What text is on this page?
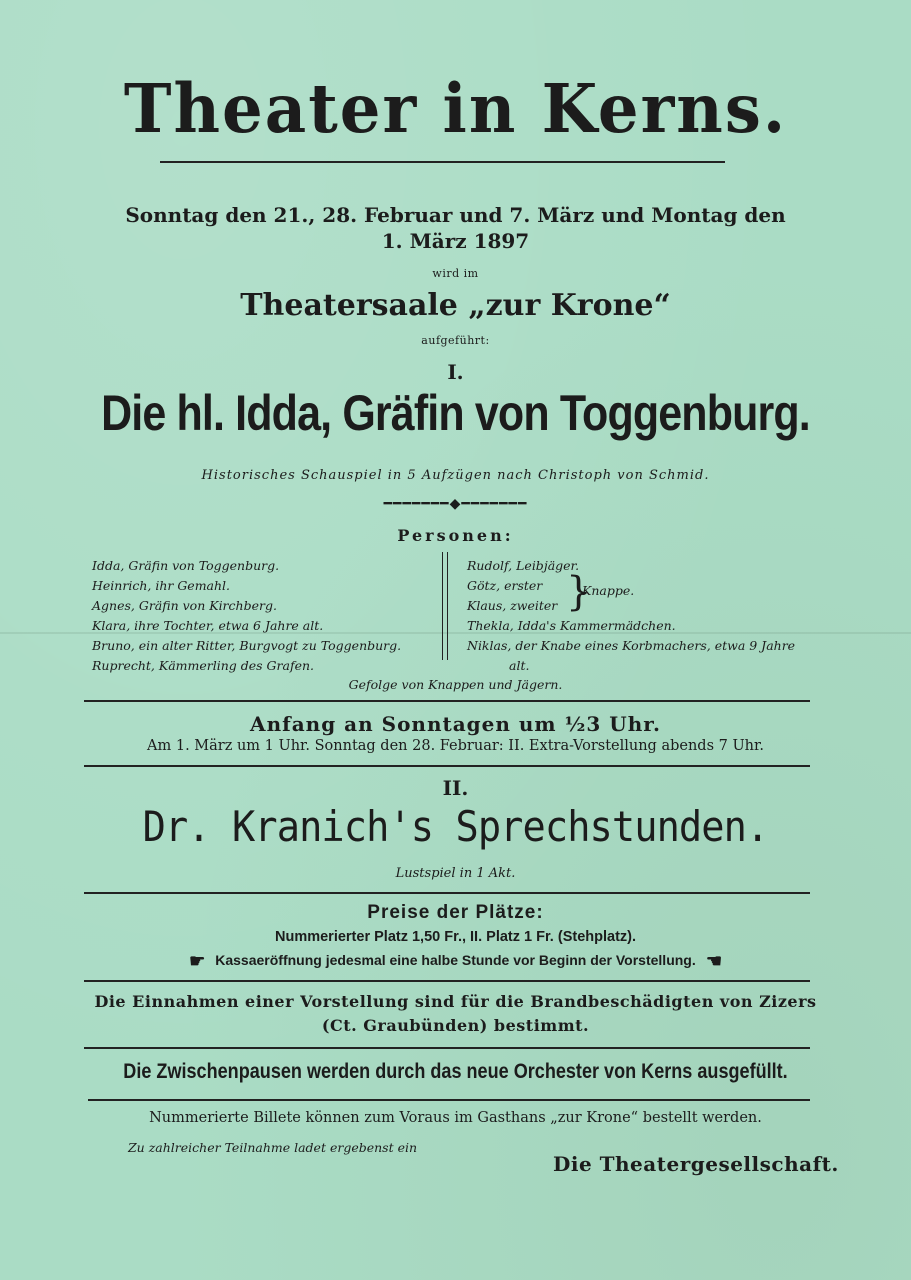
Theater in Kerns.
Sonntag den 21., 28. Februar und 7. März und Montag den
1. März 1897
wird im
Theatersaale „zur Krone“
aufgeführt:
I.
Die hl. Idda, Gräfin von Toggenburg.
Historisches Schauspiel in 5 Aufzügen nach Christoph von Schmid.
━━━━━━━◆━━━━━━━
Personen:
Idda, Gräfin von Toggenburg.
Heinrich, ihr Gemahl.
Agnes, Gräfin von Kirchberg.
Klara, ihre Tochter, etwa 6 Jahre alt.
Bruno, ein alter Ritter, Burgvogt zu Toggenburg.
Ruprecht, Kämmerling des Grafen.
Rudolf, Leibjäger.
Götz, erster
Klaus, zweiter
Thekla, Idda's Kammermädchen.
Niklas, der Knabe eines Korbmachers, etwa 9 Jahre
alt.
}
Knappe.
Gefolge von Knappen und Jägern.
Anfang an Sonntagen um ½3 Uhr.
Am 1. März um 1 Uhr. Sonntag den 28. Februar: II. Extra-Vorstellung abends 7 Uhr.
II.
Dr. Kranich's Sprechstunden.
Lustspiel in 1 Akt.
Preise der Plätze:
Nummerierter Platz 1,50 Fr., II. Platz 1 Fr. (Stehplatz).
☛ Kassaeröffnung jedesmal eine halbe Stunde vor Beginn der Vorstellung. ☛
Die Einnahmen einer Vorstellung sind für die Brandbeschädigten von Zizers
(Ct. Graubünden) bestimmt.
Die Zwischenpausen werden durch das neue Orchester von Kerns ausgefüllt.
Nummerierte Billete können zum Voraus im Gasthans „zur Krone“ bestellt werden.
Zu zahlreicher Teilnahme ladet ergebenst ein
Die Theatergesellschaft.
